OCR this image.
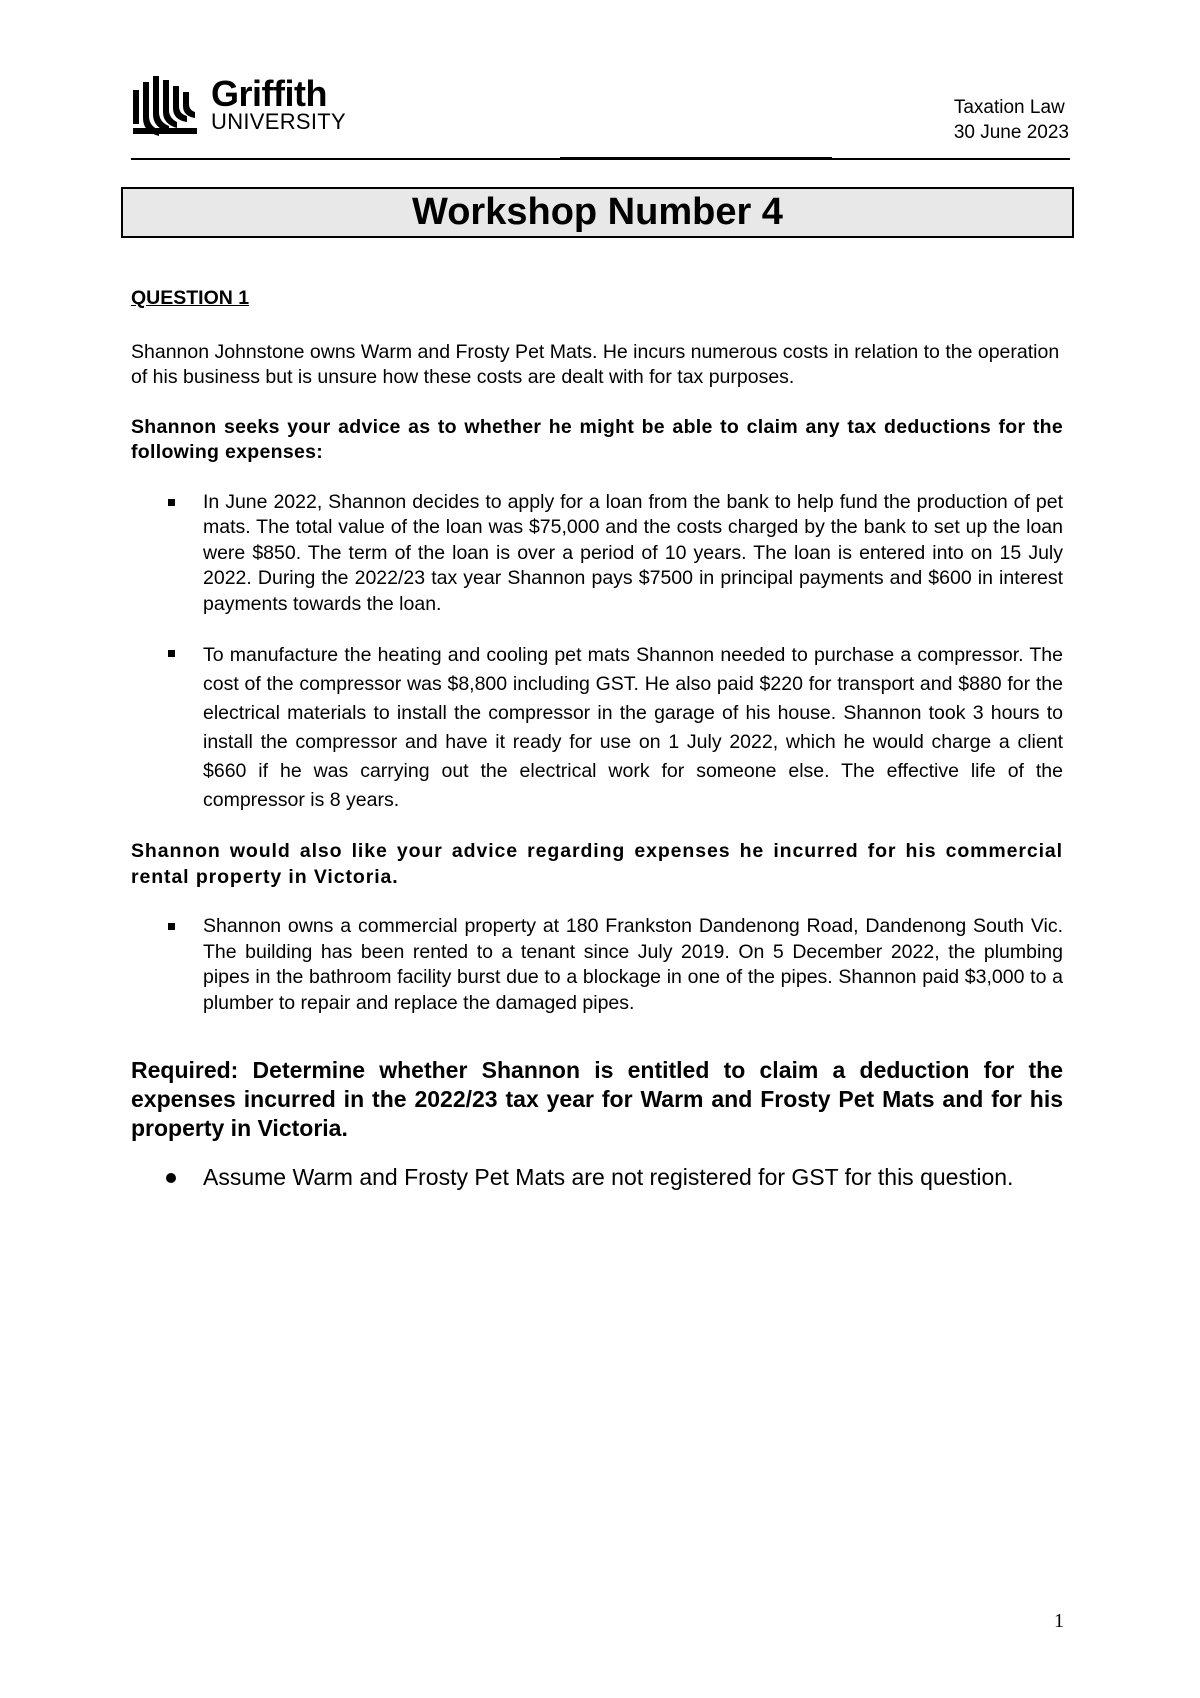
Griffith
UNIVERSITY
Taxation Law
30 June 2023
Workshop Number 4

QUESTION 1

Shannon Johnstone owns Warm and Frosty Pet Mats. He incurs numerous costs in relation to the operation of his business but is unsure how these costs are dealt with for tax purposes.

Shannon seeks your advice as to whether he might be able to claim any tax deductions for the following expenses:

In June 2022, Shannon decides to apply for a loan from the bank to help fund the production of pet mats. The total value of the loan was $75,000 and the costs charged by the bank to set up the loan were $850. The term of the loan is over a period of 10 years. The loan is entered into on 15 July 2022. During the 2022/23 tax year Shannon pays $7500 in principal payments and $600 in interest payments towards the loan.
To manufacture the heating and cooling pet mats Shannon needed to purchase a compressor. The cost of the compressor was $8,800 including GST. He also paid $220 for transport and $880 for the electrical materials to install the compressor in the garage of his house. Shannon took 3 hours to install the compressor and have it ready for use on 1 July 2022, which he would charge a client $660 if he was carrying out the electrical work for someone else. The effective life of the compressor is 8 years.

Shannon would also like your advice regarding expenses he incurred for his commercial rental property in Victoria.

Shannon owns a commercial property at 180 Frankston Dandenong Road, Dandenong South Vic. The building has been rented to a tenant since July 2019. On 5 December 2022, the plumbing pipes in the bathroom facility burst due to a blockage in one of the pipes. Shannon paid $3,000 to a plumber to repair and replace the damaged pipes.

Required: Determine whether Shannon is entitled to claim a deduction for the expenses incurred in the 2022/23 tax year for Warm and Frosty Pet Mats and for his property in Victoria.

Assume Warm and Frosty Pet Mats are not registered for GST for this question.
1
